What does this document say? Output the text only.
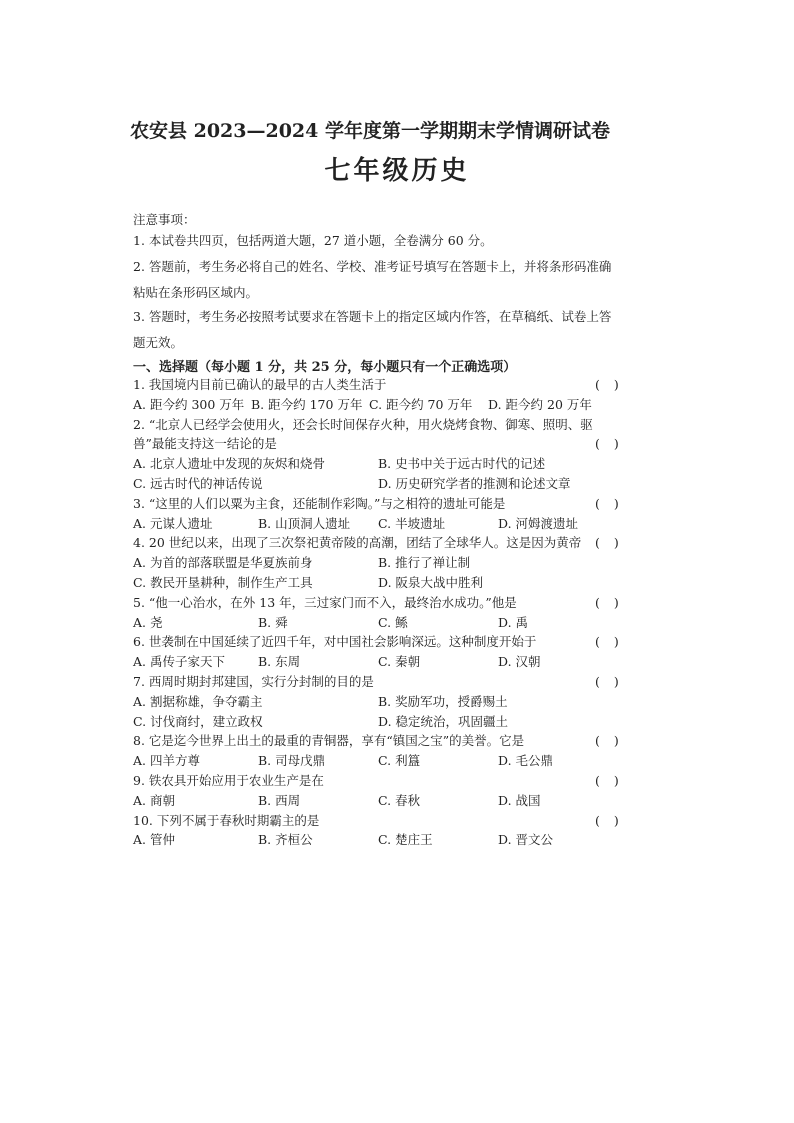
农安县 2023—2024 学年度第一学期期末学情调研试卷
七年级历史
注意事项：
1. 本试卷共四页，包括两道大题，27 道小题，全卷满分 60 分。
2. 答题前，考生务必将自己的姓名、学校、准考证号填写在答题卡上，并将条形码准确
粘贴在条形码区域内。
3. 答题时，考生务必按照考试要求在答题卡上的指定区域内作答，在草稿纸、试卷上答
题无效。
一、选择题（每小题 1 分，共 25 分，每小题只有一个正确选项）
1. 我国境内目前已确认的最早的古人类生活于	()
A. 距今约 300 万年 B. 距今约 170 万年 C. 距今约 70 万年 D. 距今约 20 万年
2. “北京人已经学会使用火，还会长时间保存火种，用火烧烤食物、御寒、照明、驱
兽”最能支持这一结论的是	()
A. 北京人遗址中发现的灰烬和烧骨	B. 史书中关于远古时代的记述
C. 远古时代的神话传说	D. 历史研究学者的推测和论述文章
3. “这里的人们以粟为主食，还能制作彩陶。”与之相符的遗址可能是	()
A. 元谋人遗址	B. 山顶洞人遗址 C. 半坡遗址	D. 河姆渡遗址
4. 20 世纪以来，出现了三次祭祀黄帝陵的高潮，团结了全球华人。这是因为黄帝 ()
A. 为首的部落联盟是华夏族前身	B. 推行了禅让制
C. 教民开垦耕种，制作生产工具	D. 阪泉大战中胜利
5. “他一心治水，在外 13 年，三过家门而不入，最终治水成功。”他是	()
A. 尧	B. 舜	C. 鲧	D. 禹
6. 世袭制在中国延续了近四千年，对中国社会影响深远。这种制度开始于	()
A. 禹传子家天下	B. 东周	C. 秦朝	D. 汉朝
7. 西周时期封邦建国，实行分封制的目的是	()
A. 割据称雄，争夺霸主	B. 奖励军功，授爵赐土
C. 讨伐商纣，建立政权	D. 稳定统治，巩固疆土
8. 它是迄今世界上出土的最重的青铜器，享有“镇国之宝”的美誉。它是	()
A. 四羊方尊	B. 司母戊鼎	C. 利簋	D. 毛公鼎
9. 铁农具开始应用于农业生产是在	()
A. 商朝	B. 西周	C. 春秋	D. 战国
10. 下列不属于春秋时期霸主的是	()
A. 管仲	B. 齐桓公	C. 楚庄王	D. 晋文公
